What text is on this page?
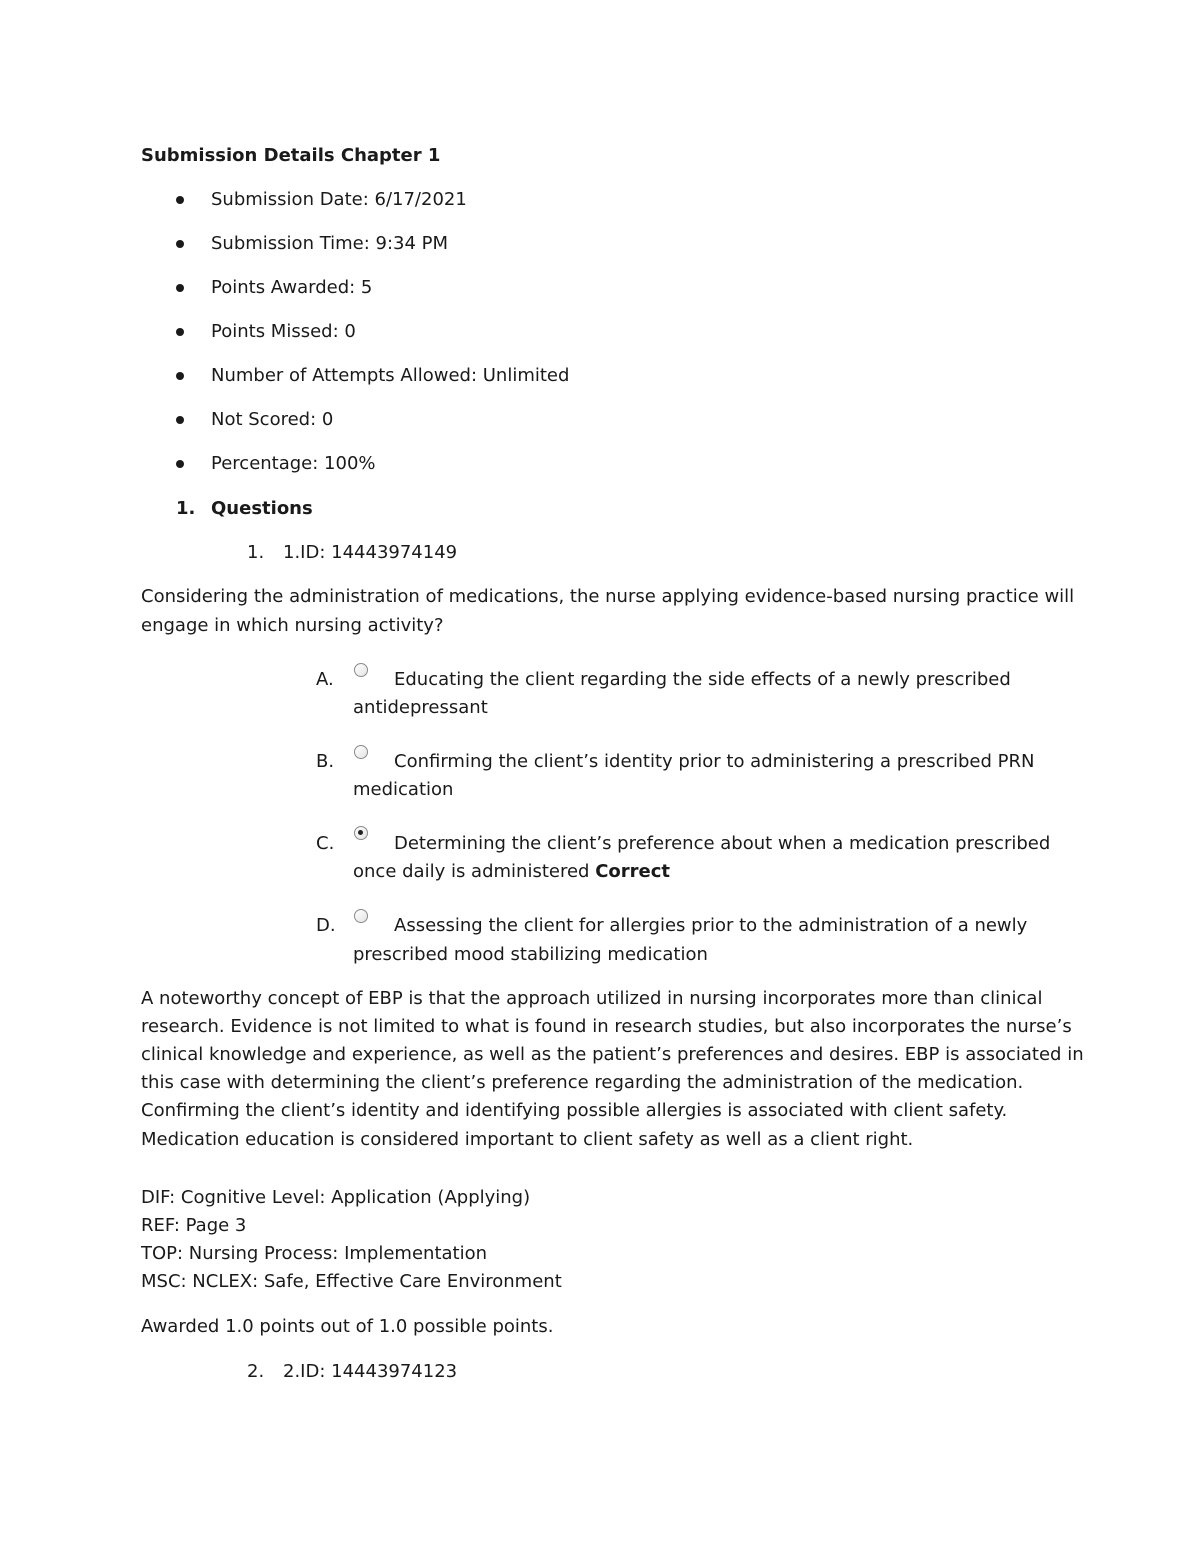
Submission Details Chapter 1
Submission Date: 6/17/2021
Submission Time: 9:34 PM
Points Awarded: 5
Points Missed: 0
Number of Attempts Allowed: Unlimited
Not Scored: 0
Percentage: 100%
1. Questions
1. 1.ID: 14443974149
Considering the administration of medications, the nurse applying evidence-based nursing practice will
engage in which nursing activity?
A.	Educating the client regarding the side effects of a newly prescribed
antidepressant
B.	Confirming the client’s identity prior to administering a prescribed PRN
medication
C.	Determining the client’s preference about when a medication prescribed
once daily is administered Correct
D.	Assessing the client for allergies prior to the administration of a newly
prescribed mood stabilizing medication
A noteworthy concept of EBP is that the approach utilized in nursing incorporates more than clinical
research. Evidence is not limited to what is found in research studies, but also incorporates the nurse’s
clinical knowledge and experience, as well as the patient’s preferences and desires. EBP is associated in
this case with determining the client’s preference regarding the administration of the medication.
Confirming the client’s identity and identifying possible allergies is associated with client safety.
Medication education is considered important to client safety as well as a client right.
DIF: Cognitive Level: Application (Applying)
REF: Page 3
TOP: Nursing Process: Implementation
MSC: NCLEX: Safe, Effective Care Environment
Awarded 1.0 points out of 1.0 possible points.
2. 2.ID: 14443974123
